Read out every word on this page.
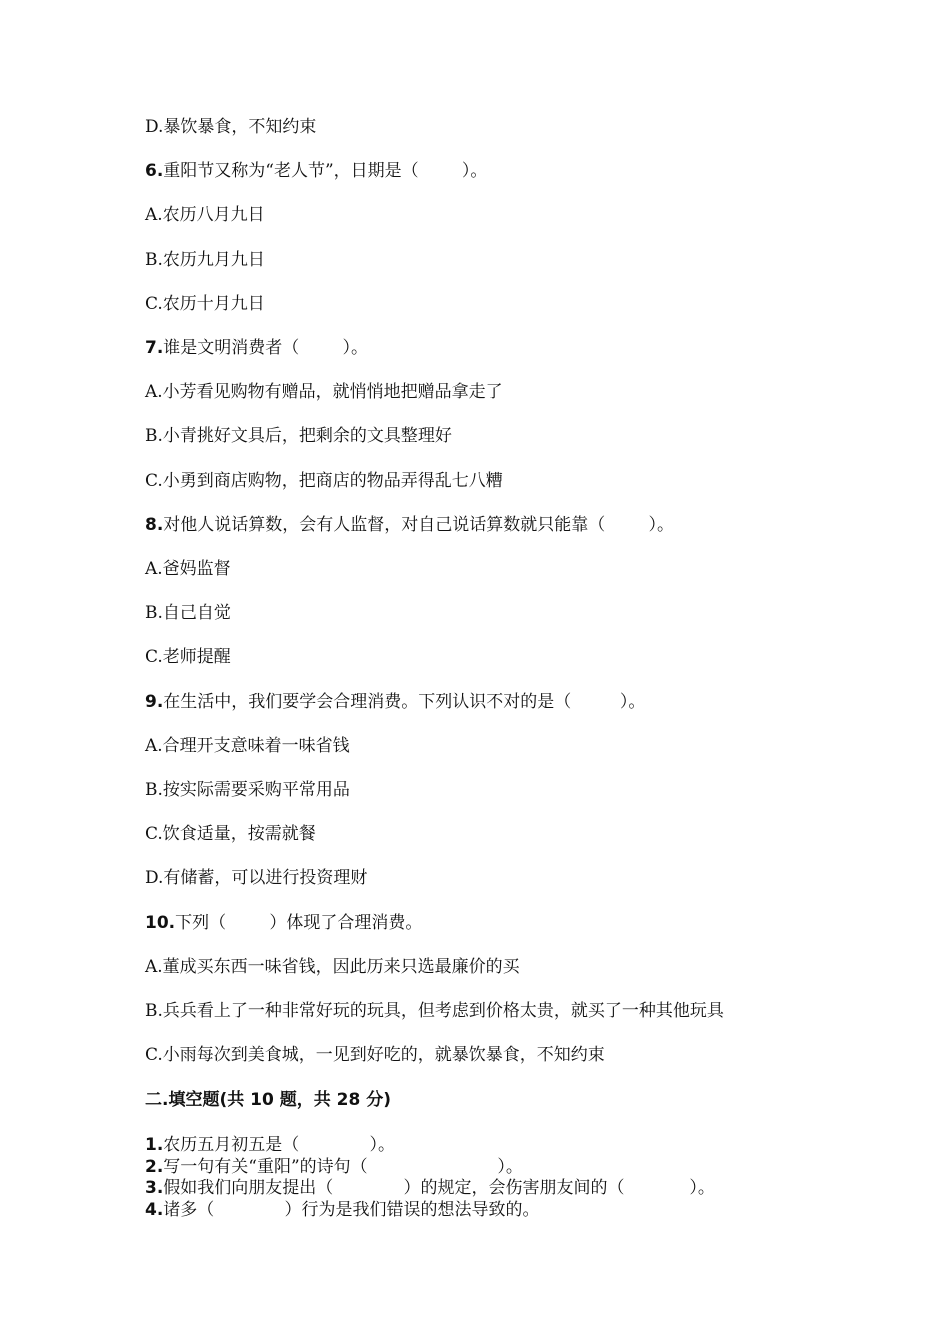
D.暴饮暴食，不知约束
6.重阳节又称为“老人节”，日期是（        ）。
A.农历八月九日
B.农历九月九日
C.农历十月九日
7.谁是文明消费者（        ）。
A.小芳看见购物有赠品，就悄悄地把赠品拿走了
B.小青挑好文具后，把剩余的文具整理好
C.小勇到商店购物，把商店的物品弄得乱七八糟
8.对他人说话算数，会有人监督，对自己说话算数就只能靠（        ）。
A.爸妈监督
B.自己自觉
C.老师提醒
9.在生活中，我们要学会合理消费。下列认识不对的是（         ）。
A.合理开支意味着一味省钱
B.按实际需要采购平常用品
C.饮食适量，按需就餐
D.有储蓄，可以进行投资理财
10.下列（        ）体现了合理消费。
A.董成买东西一味省钱，因此历来只选最廉价的买
B.兵兵看上了一种非常好玩的玩具，但考虑到价格太贵，就买了一种其他玩具
C.小雨每次到美食城，一见到好吃的，就暴饮暴食，不知约束
二.填空题(共 10 题，共 28 分)
1.农历五月初五是（             ）。
2.写一句有关“重阳”的诗句（                        ）。
3.假如我们向朋友提出（             ）的规定，会伤害朋友间的（            ）。
4.诸多（             ）行为是我们错误的想法导致的。
